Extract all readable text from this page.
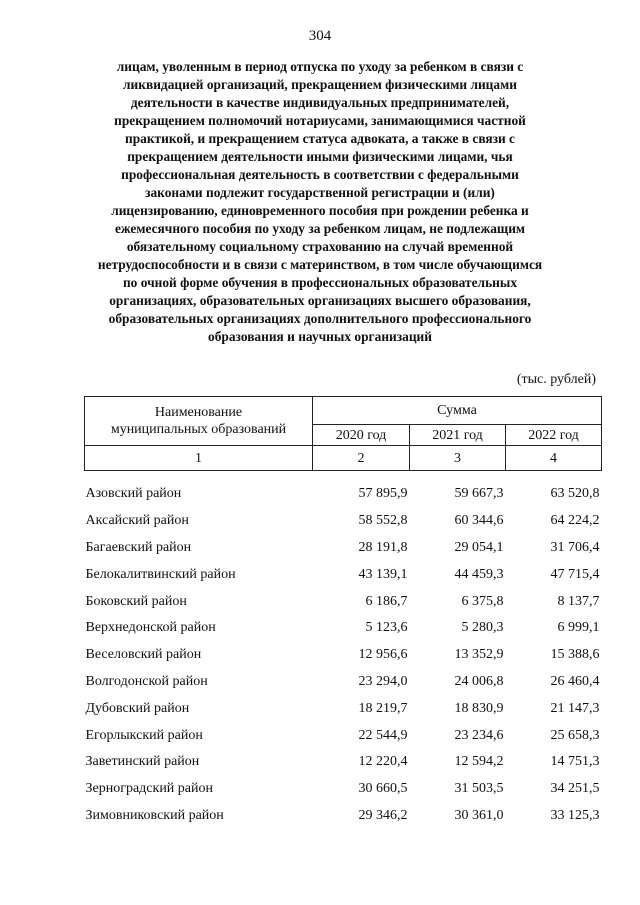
304
лицам, уволенным в период отпуска по уходу за ребенком в связи с
ликвидацией организаций, прекращением физическими лицами
деятельности в качестве индивидуальных предпринимателей,
прекращением полномочий нотариусами, занимающимися частной
практикой, и прекращением статуса адвоката, а также в связи с
прекращением деятельности иными физическими лицами, чья
профессиональная деятельность в соответствии с федеральными
законами подлежит государственной регистрации и (или)
лицензированию, единовременного пособия при рождении ребенка и
ежемесячного пособия по уходу за ребенком лицам, не подлежащим
обязательному социальному страхованию на случай временной
нетрудоспособности и в связи с материнством, в том числе обучающимся
по очной форме обучения в профессиональных образовательных
организациях, образовательных организациях высшего образования,
образовательных организациях дополнительного профессионального
образования и научных организаций
(тыс. рублей)
Наименование
муниципальных образований	Сумма		
	2020 год	2021 год	2022 год
1	2	3	4
Азовский район	57 895,9	59 667,3	63 520,8
Аксайский район	58 552,8	60 344,6	64 224,2
Багаевский район	28 191,8	29 054,1	31 706,4
Белокалитвинский район	43 139,1	44 459,3	47 715,4
Боковский район	6 186,7	6 375,8	8 137,7
Верхнедонской район	5 123,6	5 280,3	6 999,1
Веселовский район	12 956,6	13 352,9	15 388,6
Волгодонской район	23 294,0	24 006,8	26 460,4
Дубовский район	18 219,7	18 830,9	21 147,3
Егорлыкский район	22 544,9	23 234,6	25 658,3
Заветинский район	12 220,4	12 594,2	14 751,3
Зерноградский район	30 660,5	31 503,5	34 251,5
Зимовниковский район	29 346,2	30 361,0	33 125,3
